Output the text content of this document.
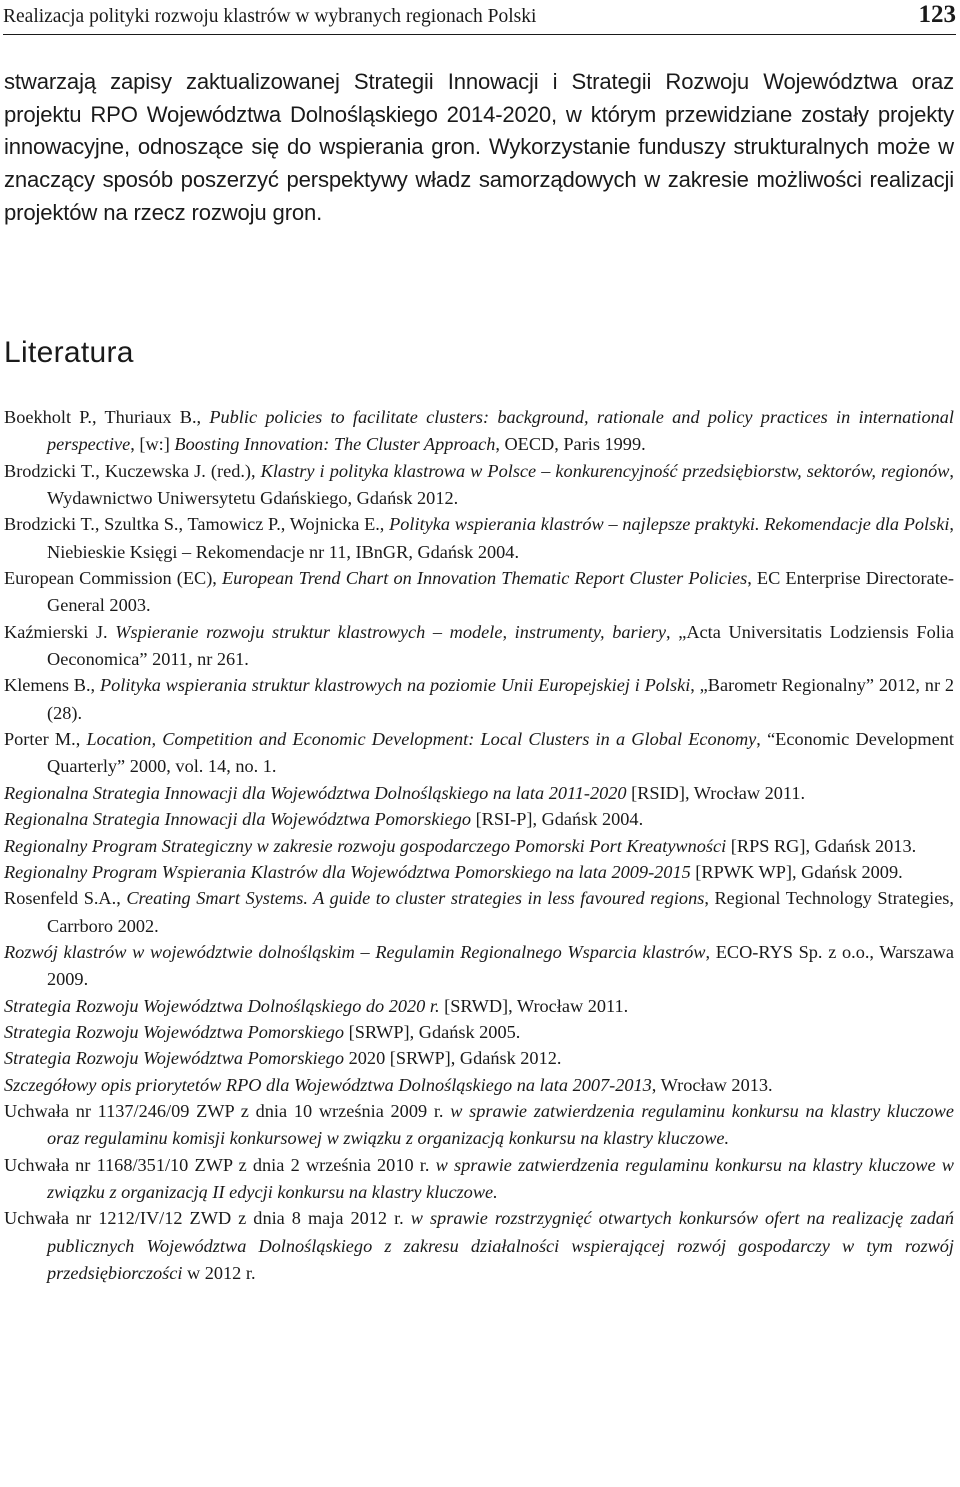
Realizacja polityki rozwoju klastrów w wybranych regionach Polski	123

stwarzają zapisy zaktualizowanej Strategii Innowacji i Strategii Rozwoju Województwa oraz projektu RPO Województwa Dolnośląskiego 2014-2020, w którym przewidziane zostały projekty innowacyjne, odnoszące się do wspierania gron. Wykorzystanie funduszy strukturalnych może w znaczący sposób poszerzyć perspektywy władz samorządowych w zakresie możliwości realizacji projektów na rzecz rozwoju gron.

Literatura
Boekholt P., Thuriaux B., Public policies to facilitate clusters: background, rationale and policy practices in international perspective, [w:] Boosting Innovation: The Cluster Approach, OECD, Paris 1999.
Brodzicki T., Kuczewska J. (red.), Klastry i polityka klastrowa w Polsce – konkurencyjność przedsiębiorstw, sektorów, regionów, Wydawnictwo Uniwersytetu Gdańskiego, Gdańsk 2012.
Brodzicki T., Szultka S., Tamowicz P., Wojnicka E., Polityka wspierania klastrów – najlepsze praktyki. Rekomendacje dla Polski, Niebieskie Księgi – Rekomendacje nr 11, IBnGR, Gdańsk 2004.
European Commission (EC), European Trend Chart on Innovation Thematic Report Cluster Policies, EC Enterprise Directorate-General 2003.
Kaźmierski J. Wspieranie rozwoju struktur klastrowych – modele, instrumenty, bariery, „Acta Universitatis Lodziensis Folia Oeconomica” 2011, nr 261.
Klemens B., Polityka wspierania struktur klastrowych na poziomie Unii Europejskiej i Polski, „Barometr Regionalny” 2012, nr 2 (28).
Porter M., Location, Competition and Economic Development: Local Clusters in a Global Economy, “Economic Development Quarterly” 2000, vol. 14, no. 1.
Regionalna Strategia Innowacji dla Województwa Dolnośląskiego na lata 2011-2020 [RSID], Wrocław 2011.
Regionalna Strategia Innowacji dla Województwa Pomorskiego [RSI-P], Gdańsk 2004.
Regionalny Program Strategiczny w zakresie rozwoju gospodarczego Pomorski Port Kreatywności [RPS RG], Gdańsk 2013.
Regionalny Program Wspierania Klastrów dla Województwa Pomorskiego na lata 2009-2015 [RPWK WP], Gdańsk 2009.
Rosenfeld S.A., Creating Smart Systems. A guide to cluster strategies in less favoured regions, Regional Technology Strategies, Carrboro 2002.
Rozwój klastrów w województwie dolnośląskim – Regulamin Regionalnego Wsparcia klastrów, ECO-RYS Sp. z o.o., Warszawa 2009.
Strategia Rozwoju Województwa Dolnośląskiego do 2020 r. [SRWD], Wrocław 2011.
Strategia Rozwoju Województwa Pomorskiego [SRWP], Gdańsk 2005.
Strategia Rozwoju Województwa Pomorskiego 2020 [SRWP], Gdańsk 2012.
Szczegółowy opis priorytetów RPO dla Województwa Dolnośląskiego na lata 2007-2013, Wrocław 2013.
Uchwała nr 1137/246/09 ZWP z dnia 10 września 2009 r. w sprawie zatwierdzenia regulaminu konkursu na klastry kluczowe oraz regulaminu komisji konkursowej w związku z organizacją konkursu na klastry kluczowe.
Uchwała nr 1168/351/10 ZWP z dnia 2 września 2010 r. w sprawie zatwierdzenia regulaminu konkursu na klastry kluczowe w związku z organizacją II edycji konkursu na klastry kluczowe.
Uchwała nr 1212/IV/12 ZWD z dnia 8 maja 2012 r. w sprawie rozstrzygnięć otwartych konkursów ofert na realizację zadań publicznych Województwa Dolnośląskiego z zakresu działalności wspierającej rozwój gospodarczy w tym rozwój przedsiębiorczości w 2012 r.
